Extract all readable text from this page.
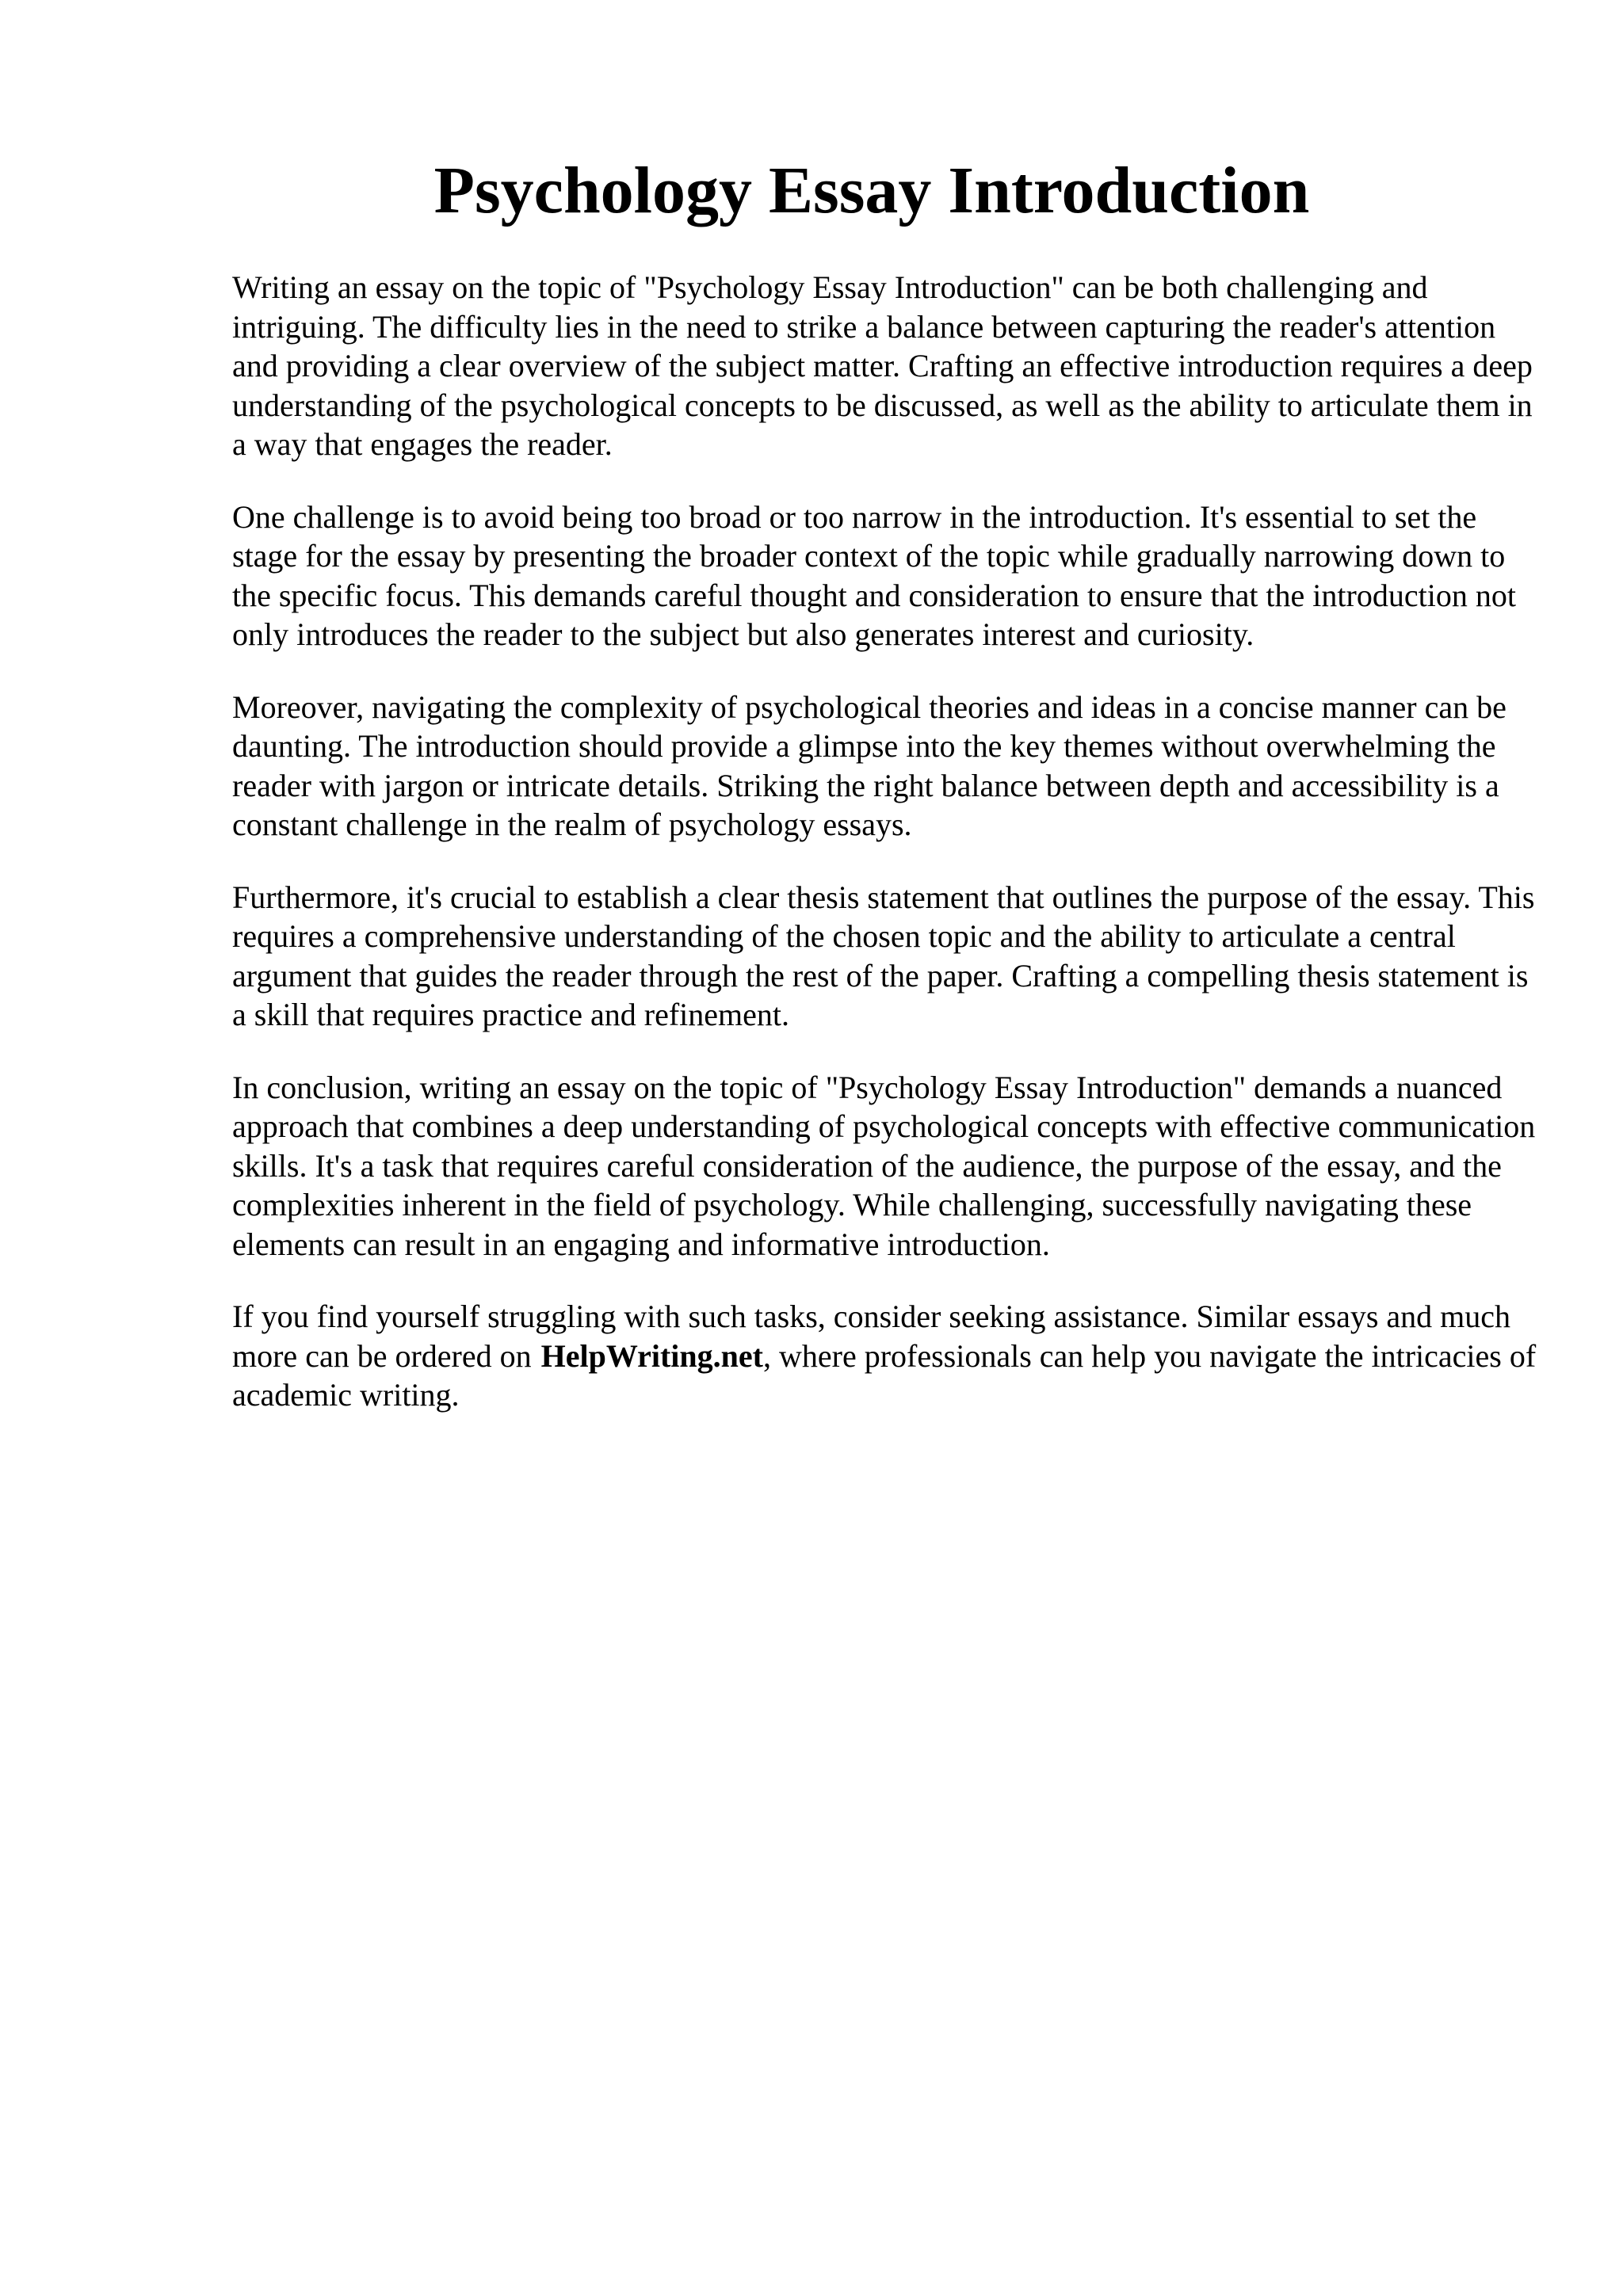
Psychology Essay Introduction

Writing an essay on the topic of "Psychology Essay Introduction" can be both challenging and intriguing. The difficulty lies in the need to strike a balance between capturing the reader's attention and providing a clear overview of the subject matter. Crafting an effective introduction requires a deep understanding of the psychological concepts to be discussed, as well as the ability to articulate them in a way that engages the reader.

One challenge is to avoid being too broad or too narrow in the introduction. It's essential to set the stage for the essay by presenting the broader context of the topic while gradually narrowing down to the specific focus. This demands careful thought and consideration to ensure that the introduction not only introduces the reader to the subject but also generates interest and curiosity.

Moreover, navigating the complexity of psychological theories and ideas in a concise manner can be daunting. The introduction should provide a glimpse into the key themes without overwhelming the reader with jargon or intricate details. Striking the right balance between depth and accessibility is a constant challenge in the realm of psychology essays.

Furthermore, it's crucial to establish a clear thesis statement that outlines the purpose of the essay. This requires a comprehensive understanding of the chosen topic and the ability to articulate a central argument that guides the reader through the rest of the paper. Crafting a compelling thesis statement is a skill that requires practice and refinement.

In conclusion, writing an essay on the topic of "Psychology Essay Introduction" demands a nuanced approach that combines a deep understanding of psychological concepts with effective communication skills. It's a task that requires careful consideration of the audience, the purpose of the essay, and the complexities inherent in the field of psychology. While challenging, successfully navigating these elements can result in an engaging and informative introduction.

If you find yourself struggling with such tasks, consider seeking assistance. Similar essays and much more can be ordered on HelpWriting.net, where professionals can help you navigate the intricacies of academic writing.
